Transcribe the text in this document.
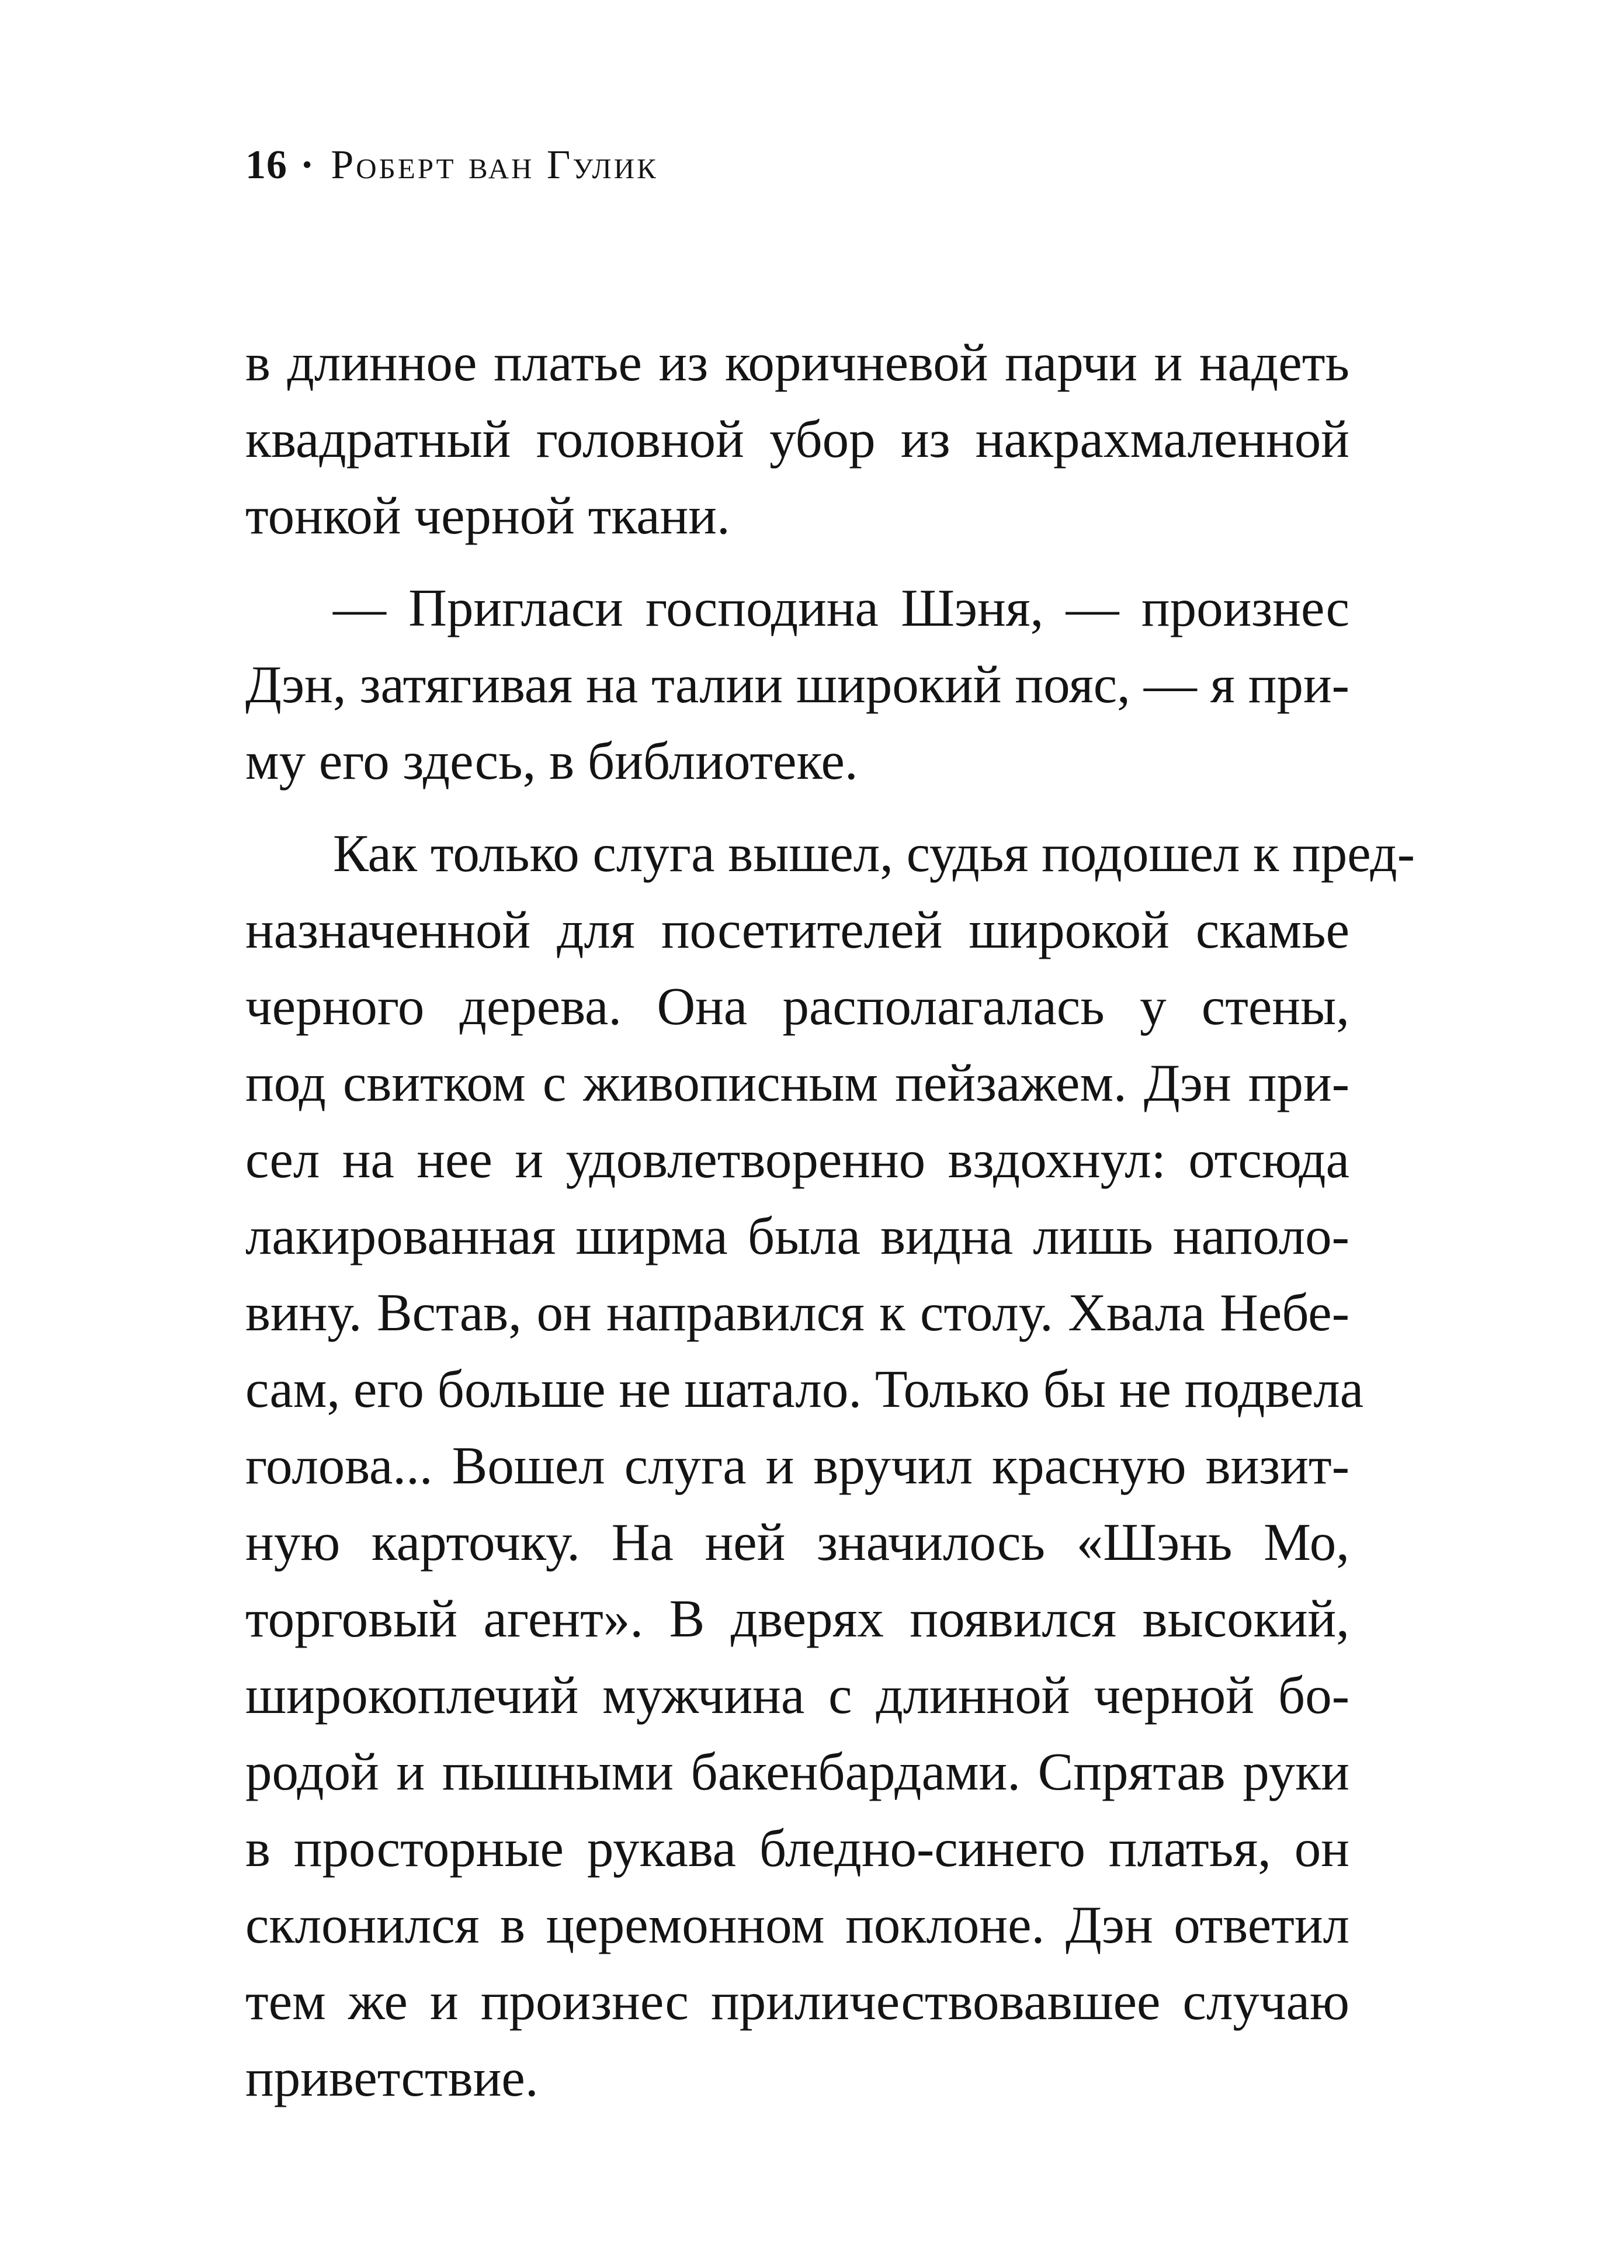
16 · Роберт ван Гулик
в длинное платье из коричневой парчи и надеть
квадратный головной убор из накрахмаленной
тонкой черной ткани.
— Пригласи господина Шэня, — произнес
Дэн, затягивая на талии широкий пояс, — я при-
му его здесь, в библиотеке.
Как только слуга вышел, судья подошел к пред-
назначенной для посетителей широкой скамье
черного дерева. Она располагалась у стены,
под свитком с живописным пейзажем. Дэн при-
сел на нее и удовлетворенно вздохнул: отсюда
лакированная ширма была видна лишь наполо-
вину. Встав, он направился к столу. Хвала Небе-
сам, его больше не шатало. Только бы не подвела
голова... Вошел слуга и вручил красную визит-
ную карточку. На ней значилось «Шэнь Мо,
торговый агент». В дверях появился высокий,
широкоплечий мужчина с длинной черной бо-
родой и пышными бакенбардами. Спрятав руки
в просторные рукава бледно-синего платья, он
склонился в церемонном поклоне. Дэн ответил
тем же и произнес приличествовавшее случаю
приветствие.
